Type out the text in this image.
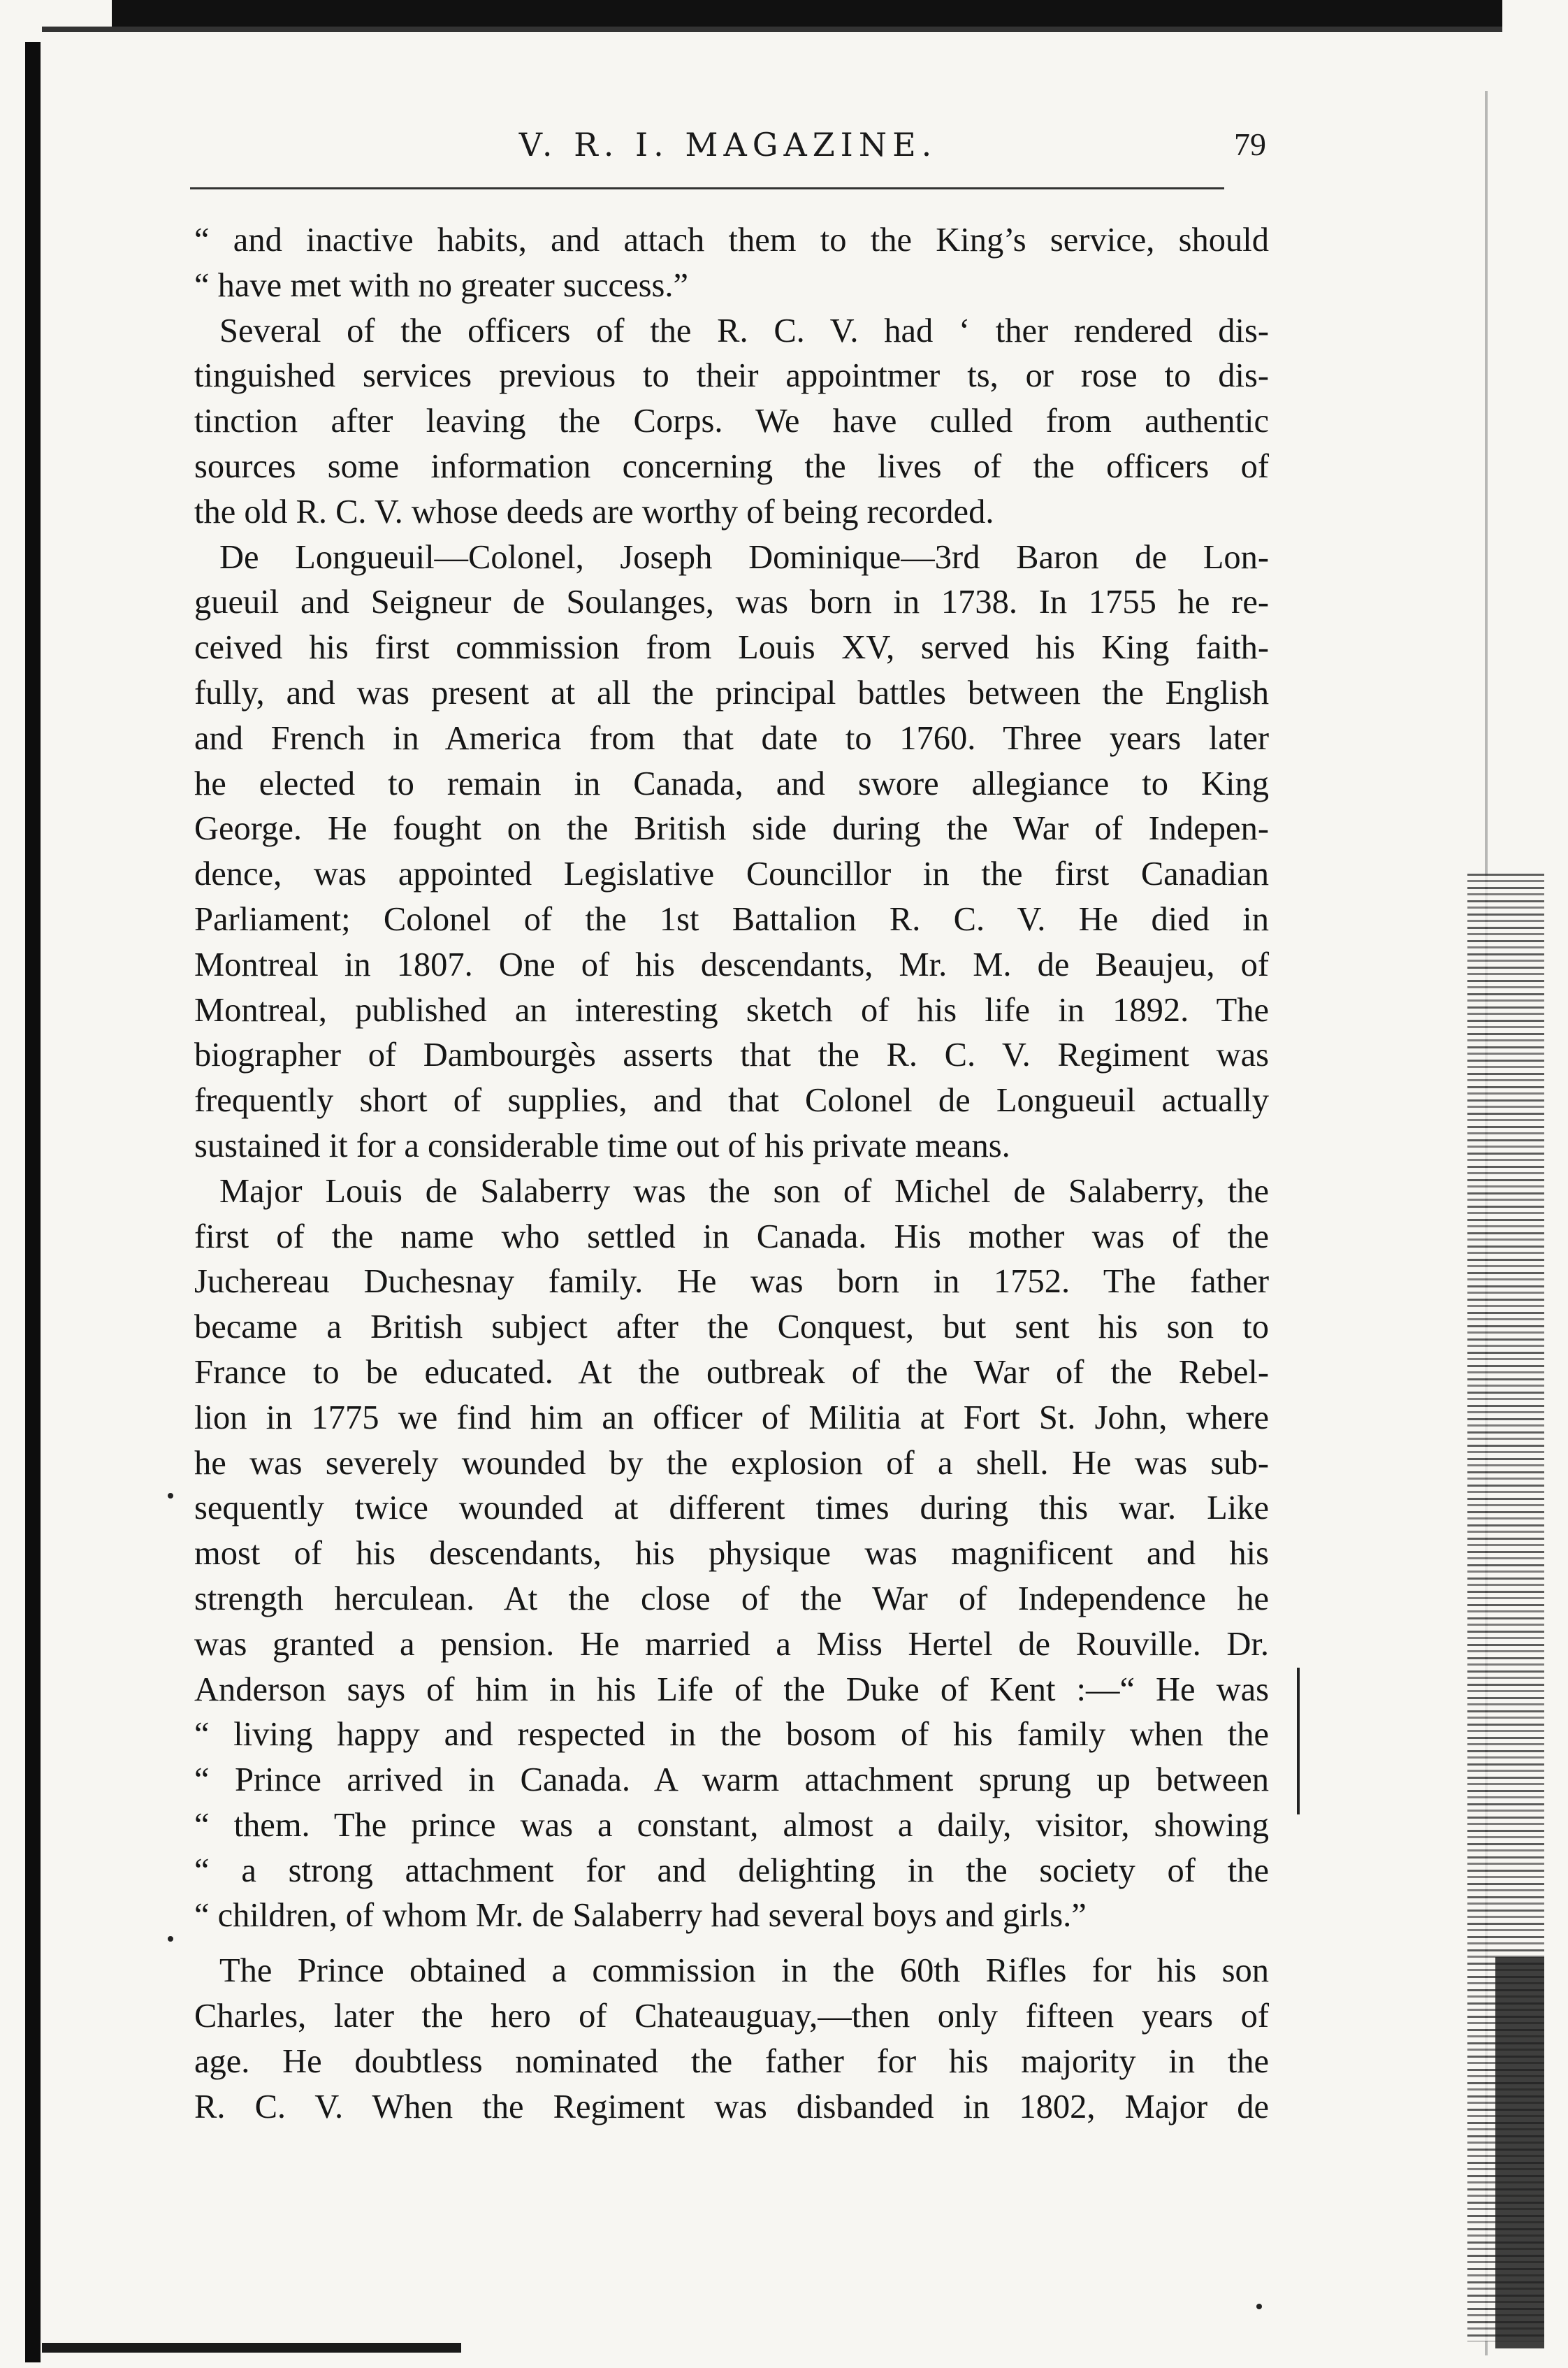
V. R. I. MAGAZINE.	79
“ and inactive habits, and attach them to the King’s service, should
“ have met with no greater success.”
Several of the officers of the R. C. V. had ‘ ther rendered dis-
tinguished services previous to their appointmer ts, or rose to dis-
tinction after leaving the Corps. We have culled from authentic
sources some information concerning the lives of the officers of
the old R. C. V. whose deeds are worthy of being recorded.
De Longueuil—Colonel, Joseph Dominique—3rd Baron de Lon-
gueuil and Seigneur de Soulanges, was born in 1738. In 1755 he re-
ceived his first commission from Louis XV, served his King faith-
fully, and was present at all the principal battles between the English
and French in America from that date to 1760. Three years later
he elected to remain in Canada, and swore allegiance to King
George. He fought on the British side during the War of Indepen-
dence, was appointed Legislative Councillor in the first Canadian
Parliament; Colonel of the 1st Battalion R. C. V. He died in
Montreal in 1807. One of his descendants, Mr. M. de Beaujeu, of
Montreal, published an interesting sketch of his life in 1892. The
biographer of Dambourgès asserts that the R. C. V. Regiment was
frequently short of supplies, and that Colonel de Longueuil actually
sustained it for a considerable time out of his private means.
Major Louis de Salaberry was the son of Michel de Salaberry, the
first of the name who settled in Canada. His mother was of the
Juchereau Duchesnay family. He was born in 1752. The father
became a British subject after the Conquest, but sent his son to
France to be educated. At the outbreak of the War of the Rebel-
lion in 1775 we find him an officer of Militia at Fort St. John, where
he was severely wounded by the explosion of a shell. He was sub-
sequently twice wounded at different times during this war. Like
most of his descendants, his physique was magnificent and his
strength herculean. At the close of the War of Independence he
was granted a pension. He married a Miss Hertel de Rouville. Dr.
Anderson says of him in his Life of the Duke of Kent :—“ He was
“ living happy and respected in the bosom of his family when the
“ Prince arrived in Canada. A warm attachment sprung up between
“ them. The prince was a constant, almost a daily, visitor, showing
“ a strong attachment for and delighting in the society of the
“ children, of whom Mr. de Salaberry had several boys and girls.”
The Prince obtained a commission in the 60th Rifles for his son
Charles, later the hero of Chateauguay,—then only fifteen years of
age. He doubtless nominated the father for his majority in the
R. C. V. When the Regiment was disbanded in 1802, Major de
